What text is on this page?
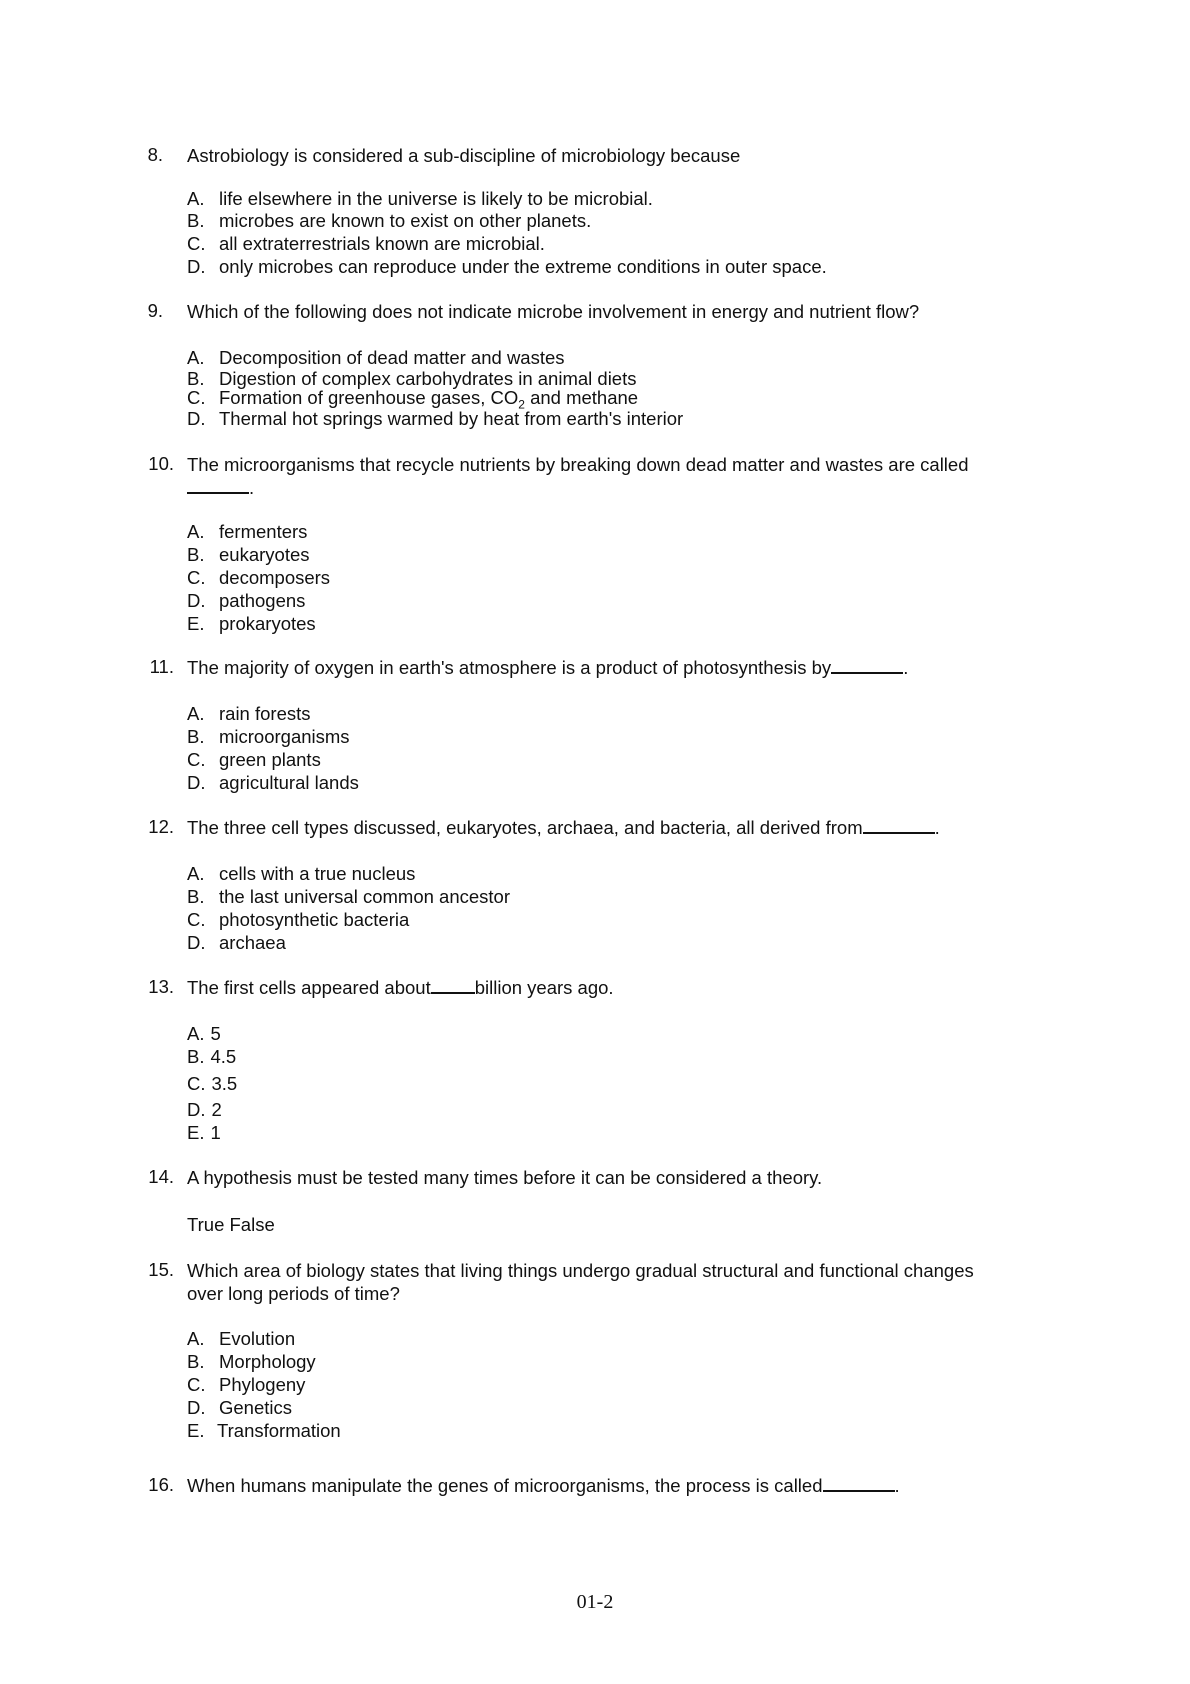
8. Astrobiology is considered a sub-discipline of microbiology because
A. life elsewhere in the universe is likely to be microbial.
B. microbes are known to exist on other planets.
C. all extraterrestrials known are microbial.
D. only microbes can reproduce under the extreme conditions in outer space.
9. Which of the following does not indicate microbe involvement in energy and nutrient flow?
A. Decomposition of dead matter and wastes
B. Digestion of complex carbohydrates in animal diets
C. Formation of greenhouse gases, $CO_2$ and methane
D. Thermal hot springs warmed by heat from earth's interior
10. The microorganisms that recycle nutrients by breaking down dead matter and wastes are called
.
A. fermenters
B. eukaryotes
C. decomposers
D. pathogens
E. prokaryotes
11. The majority of oxygen in earth's atmosphere is a product of photosynthesis by	.
A. rain forests
B. microorganisms
C. green plants
D. agricultural lands
12. The three cell types discussed, eukaryotes, archaea, and bacteria, all derived from	.
A. cells with a true nucleus
B. the last universal common ancestor
C. photosynthetic bacteria
D. archaea
13. The first cells appeared about billion years ago.
A. 5
B. 4.5
C. 3.5
D. 2
E. 1
14. A hypothesis must be tested many times before it can be considered a theory.
True False
15. Which area of biology states that living things undergo gradual structural and functional changes
over long periods of time?
A. Evolution
B. Morphology
C. Phylogeny
D. Genetics
E. Transformation
16. When humans manipulate the genes of microorganisms, the process is called	.
01-2
